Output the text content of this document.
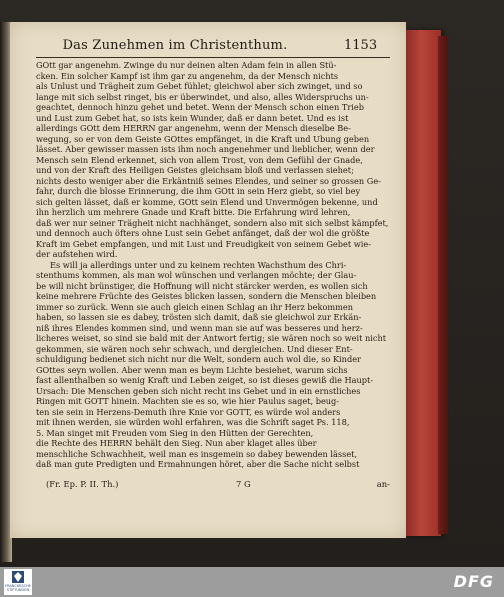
Das Zunehmen im Christenthum.	1153
GOtt gar angenehm. Zwinge du nur deinen alten Adam fein in allen Stü-
cken. Ein solcher Kampf ist ihm gar zu angenehm, da der Mensch nichts
als Unlust und Trägheit zum Gebet fühlet; gleichwol aber sich zwinget, und so
lange mit sich selbst ringet, bis er überwindet, und also, alles Widerspruchs un-
geachtet, dennoch hinzu gehet und betet. Wenn der Mensch schon einen Trieb
und Lust zum Gebet hat, so ists kein Wunder, daß er dann betet. Und es ist
allerdings GOtt dem HERRN gar angenehm, wenn der Mensch dieselbe Be-
wegung, so er von dem Geiste GOttes empfänget, in die Kraft und Ubung geben
lässet. Aber gewisser massen ists ihm noch angenehmer und lieblicher, wenn der
Mensch sein Elend erkennet, sich von allem Trost, von dem Gefühl der Gnade,
und von der Kraft des Heiligen Geistes gleichsam bloß und verlassen siehet;
nichts desto weniger aber die Erkäntniß seines Elendes, und seiner so grossen Ge-
fahr, durch die blosse Erinnerung, die ihm GOtt in sein Herz giebt, so viel bey
sich gelten lässet, daß er komme, GOtt sein Elend und Unvermögen bekenne, und
ihn herzlich um mehrere Gnade und Kraft bitte. Die Erfahrung wird lehren,
daß wer nur seiner Trägheit nicht nachhänget, sondern also mit sich selbst kämpfet,
und dennoch auch öfters ohne Lust sein Gebet anfänget, daß der wol die größte
Kraft im Gebet empfangen, und mit Lust und Freudigkeit von seinem Gebet wie-
der aufstehen wird.
Es will ja allerdings unter und zu keinem rechten Wachsthum des Chri-
stenthums kommen, als man wol wünschen und verlangen möchte; der Glau-
be will nicht brünstiger, die Hoffnung will nicht stärcker werden, es wollen sich
keine mehrere Früchte des Geistes blicken lassen, sondern die Menschen bleiben
immer so zurück. Wenn sie auch gleich einen Schlag an ihr Herz bekommen
haben, so lassen sie es dabey, trösten sich damit, daß sie gleichwol zur Erkän-
niß ihres Elendes kommen sind, und wenn man sie auf was besseres und herz-
licheres weiset, so sind sie bald mit der Antwort fertig; sie wären noch so weit nicht
gekommen, sie wären noch sehr schwach, und dergleichen. Und dieser Ent-
schuldigung bedienet sich nicht nur die Welt, sondern auch wol die, so Kinder
GOttes seyn wollen. Aber wenn man es beym Lichte besiehet, warum sichs
fast allenthalben so wenig Kraft und Leben zeiget, so ist dieses gewiß die Haupt-
Ursach: Die Menschen geben sich nicht recht ins Gebet und in ein ernstliches
Ringen mit GOTT hinein. Machten sie es so, wie hier Paulus saget, beug-
ten sie sein in Herzens-Demuth ihre Knie vor GOTT, es würde wol anders
mit ihnen werden, sie würden wohl erfahren, was die Schrift saget Ps. 118,
5. Man singet mit Freuden vom Sieg in den Hütten der Gerechten,
die Rechte des HERRN behält den Sieg. Nun aber klaget alles über
menschliche Schwachheit, weil man es insgemein so dabey bewenden lässet,
daß man gute Predigten und Ermahnungen höret, aber die Sache nicht selbst
(Fr. Ep. P. II. Th.)	7 G	an-
FRANCKESCHE STIFTUNGEN	DFG
